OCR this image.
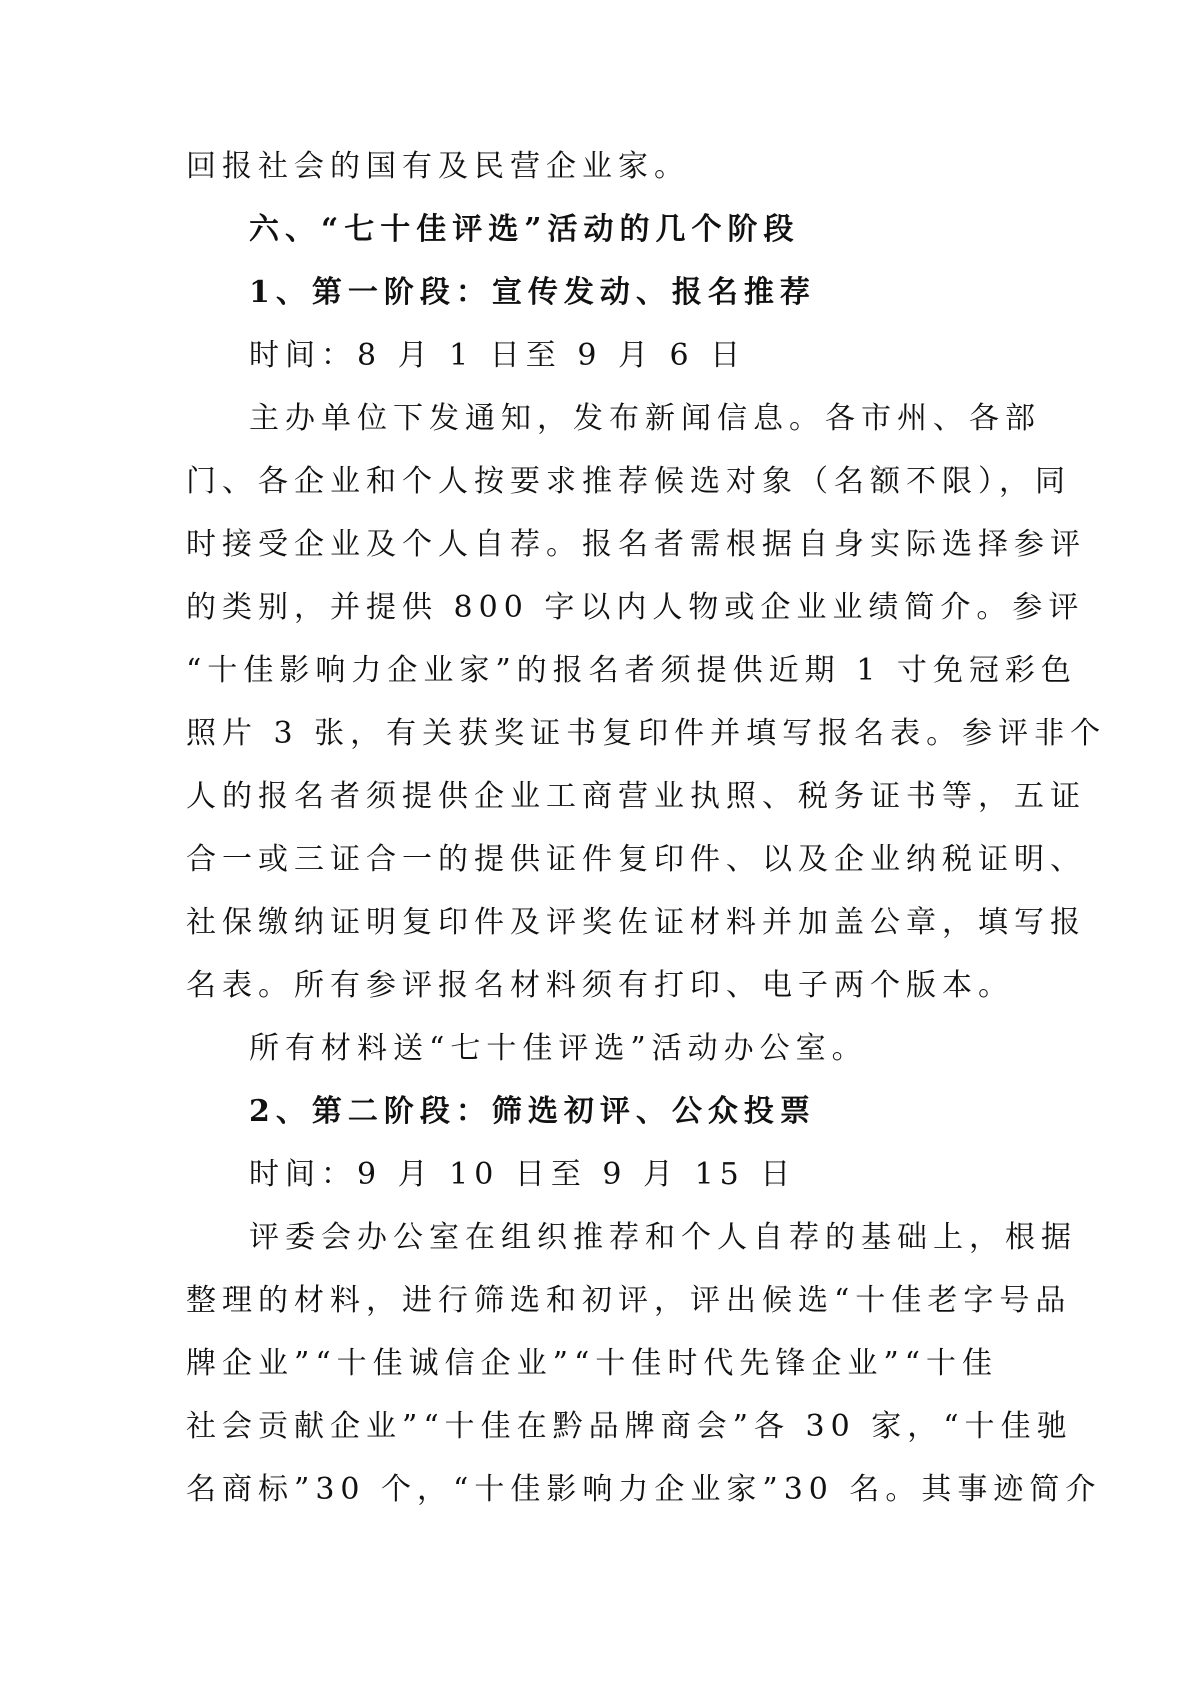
回报社会的国有及民营企业家。
六、“七十佳评选”活动的几个阶段
1、第一阶段：宣传发动、报名推荐
时间：8 月 1 日至 9 月 6 日
主办单位下发通知，发布新闻信息。各市州、各部
门、各企业和个人按要求推荐候选对象（名额不限），同
时接受企业及个人自荐。报名者需根据自身实际选择参评
的类别，并提供 800 字以内人物或企业业绩简介。参评
“十佳影响力企业家”的报名者须提供近期 1 寸免冠彩色
照片 3 张，有关获奖证书复印件并填写报名表。参评非个
人的报名者须提供企业工商营业执照、税务证书等，五证
合一或三证合一的提供证件复印件、以及企业纳税证明、
社保缴纳证明复印件及评奖佐证材料并加盖公章，填写报
名表。所有参评报名材料须有打印、电子两个版本。
所有材料送“七十佳评选”活动办公室。
2、第二阶段：筛选初评、公众投票
时间：9 月 10 日至 9 月 15 日
评委会办公室在组织推荐和个人自荐的基础上，根据
整理的材料，进行筛选和初评，评出候选“十佳老字号品
牌企业”“十佳诚信企业”“十佳时代先锋企业”“十佳
社会贡献企业”“十佳在黔品牌商会”各 30 家，“十佳驰
名商标”30 个，“十佳影响力企业家”30 名。其事迹简介
